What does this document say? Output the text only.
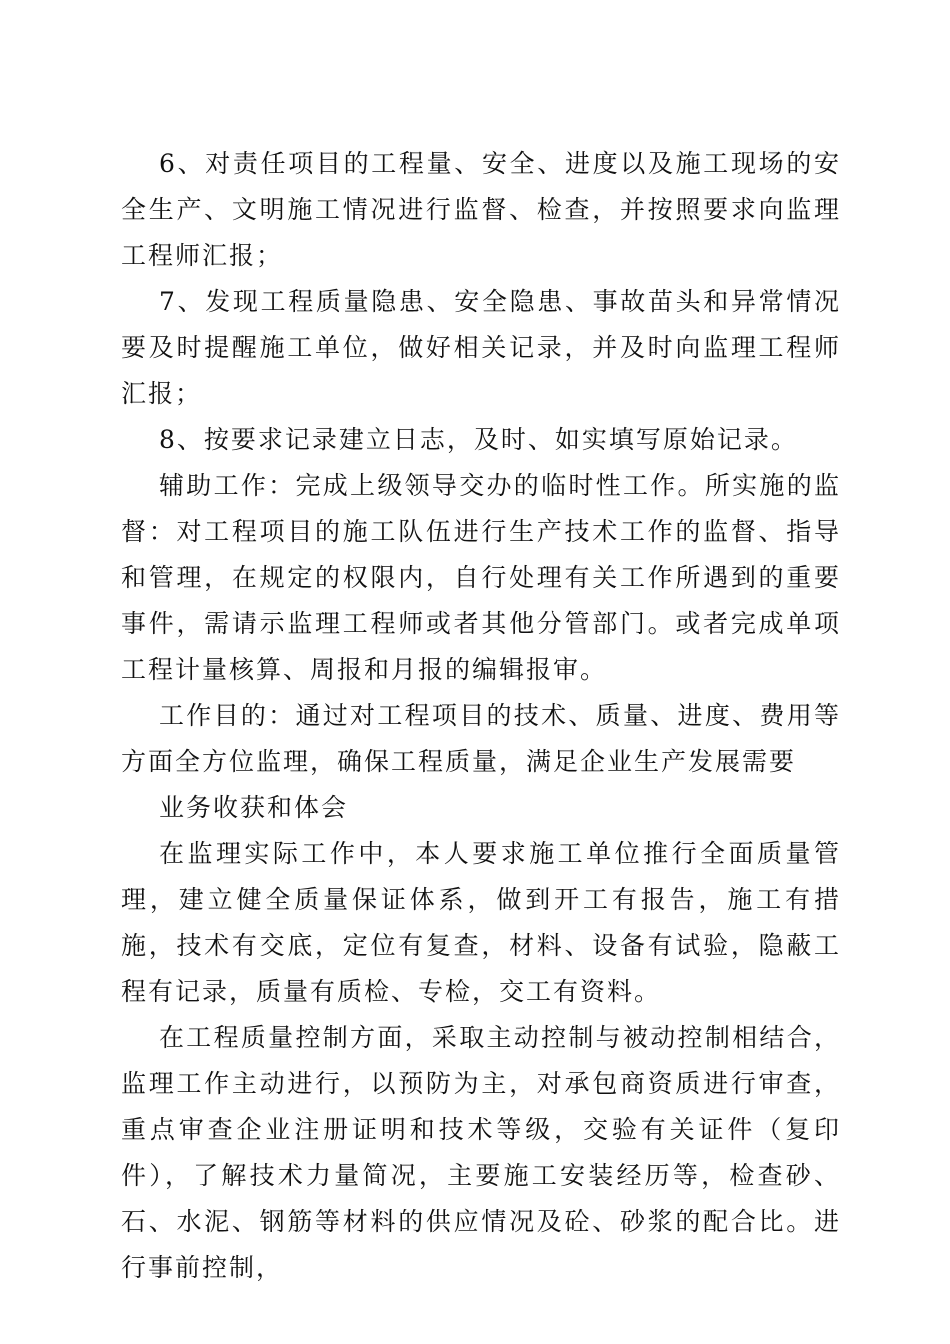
6、对责任项目的工程量、安全、进度以及施工现场的安全生产、文明施工情况进行监督、检查，并按照要求向监理工程师汇报；

7、发现工程质量隐患、安全隐患、事故苗头和异常情况要及时提醒施工单位，做好相关记录，并及时向监理工程师汇报；

8、按要求记录建立日志，及时、如实填写原始记录。

辅助工作：完成上级领导交办的临时性工作。所实施的监督：对工程项目的施工队伍进行生产技术工作的监督、指导和管理，在规定的权限内，自行处理有关工作所遇到的重要事件，需请示监理工程师或者其他分管部门。或者完成单项工程计量核算、周报和月报的编辑报审。

工作目的：通过对工程项目的技术、质量、进度、费用等方面全方位监理，确保工程质量，满足企业生产发展需要

业务收获和体会

在监理实际工作中，本人要求施工单位推行全面质量管理，建立健全质量保证体系，做到开工有报告，施工有措施，技术有交底，定位有复查，材料、设备有试验，隐蔽工程有记录，质量有质检、专检，交工有资料。

在工程质量控制方面，采取主动控制与被动控制相结合，监理工作主动进行，以预防为主，对承包商资质进行审查，重点审查企业注册证明和技术等级，交验有关证件（复印件），了解技术力量简况，主要施工安装经历等，检查砂、石、水泥、钢筋等材料的供应情况及砼、砂浆的配合比。进行事前控制，
